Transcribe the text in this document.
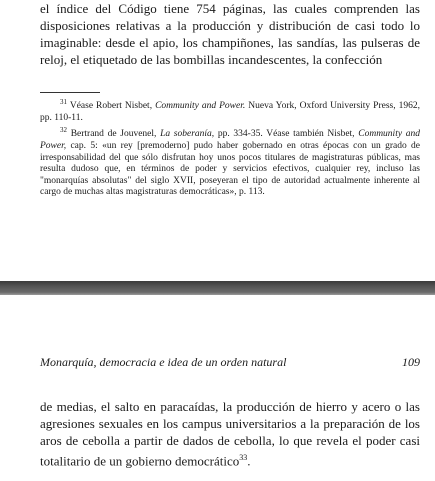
el índice del Código tiene 754 páginas, las cuales comprenden las disposiciones relativas a la producción y distribución de casi todo lo imaginable: desde el apio, los champiñones, las sandías, las pulseras de reloj, el etiquetado de las bombillas incandescentes, la confección

$^{31}$ Véase Robert Nisbet, Community and Power. Nueva York, Oxford University Press, 1962, pp. 110-11.

$^{32}$ Bertrand de Jouvenel, La soberanía, pp. 334-35. Véase también Nisbet, Community and Power, cap. 5: «un rey [premoderno] pudo haber gobernado en otras épocas con un grado de irresponsabilidad del que sólo disfrutan hoy unos pocos titulares de magistraturas públicas, mas resulta dudoso que, en términos de poder y servicios efectivos, cualquier rey, incluso las "monarquías absolutas" del siglo XVII, poseyeran el tipo de autoridad actualmente inherente al cargo de muchas altas magistraturas democráticas», p. 113.

Monarquía, democracia e idea de un orden natural	109

de medias, el salto en paracaídas, la producción de hierro y acero o las agresiones sexuales en los campus universitarios a la preparación de los aros de cebolla a partir de dados de cebolla, lo que revela el poder casi totalitario de un gobierno democrático$^{33}$.
